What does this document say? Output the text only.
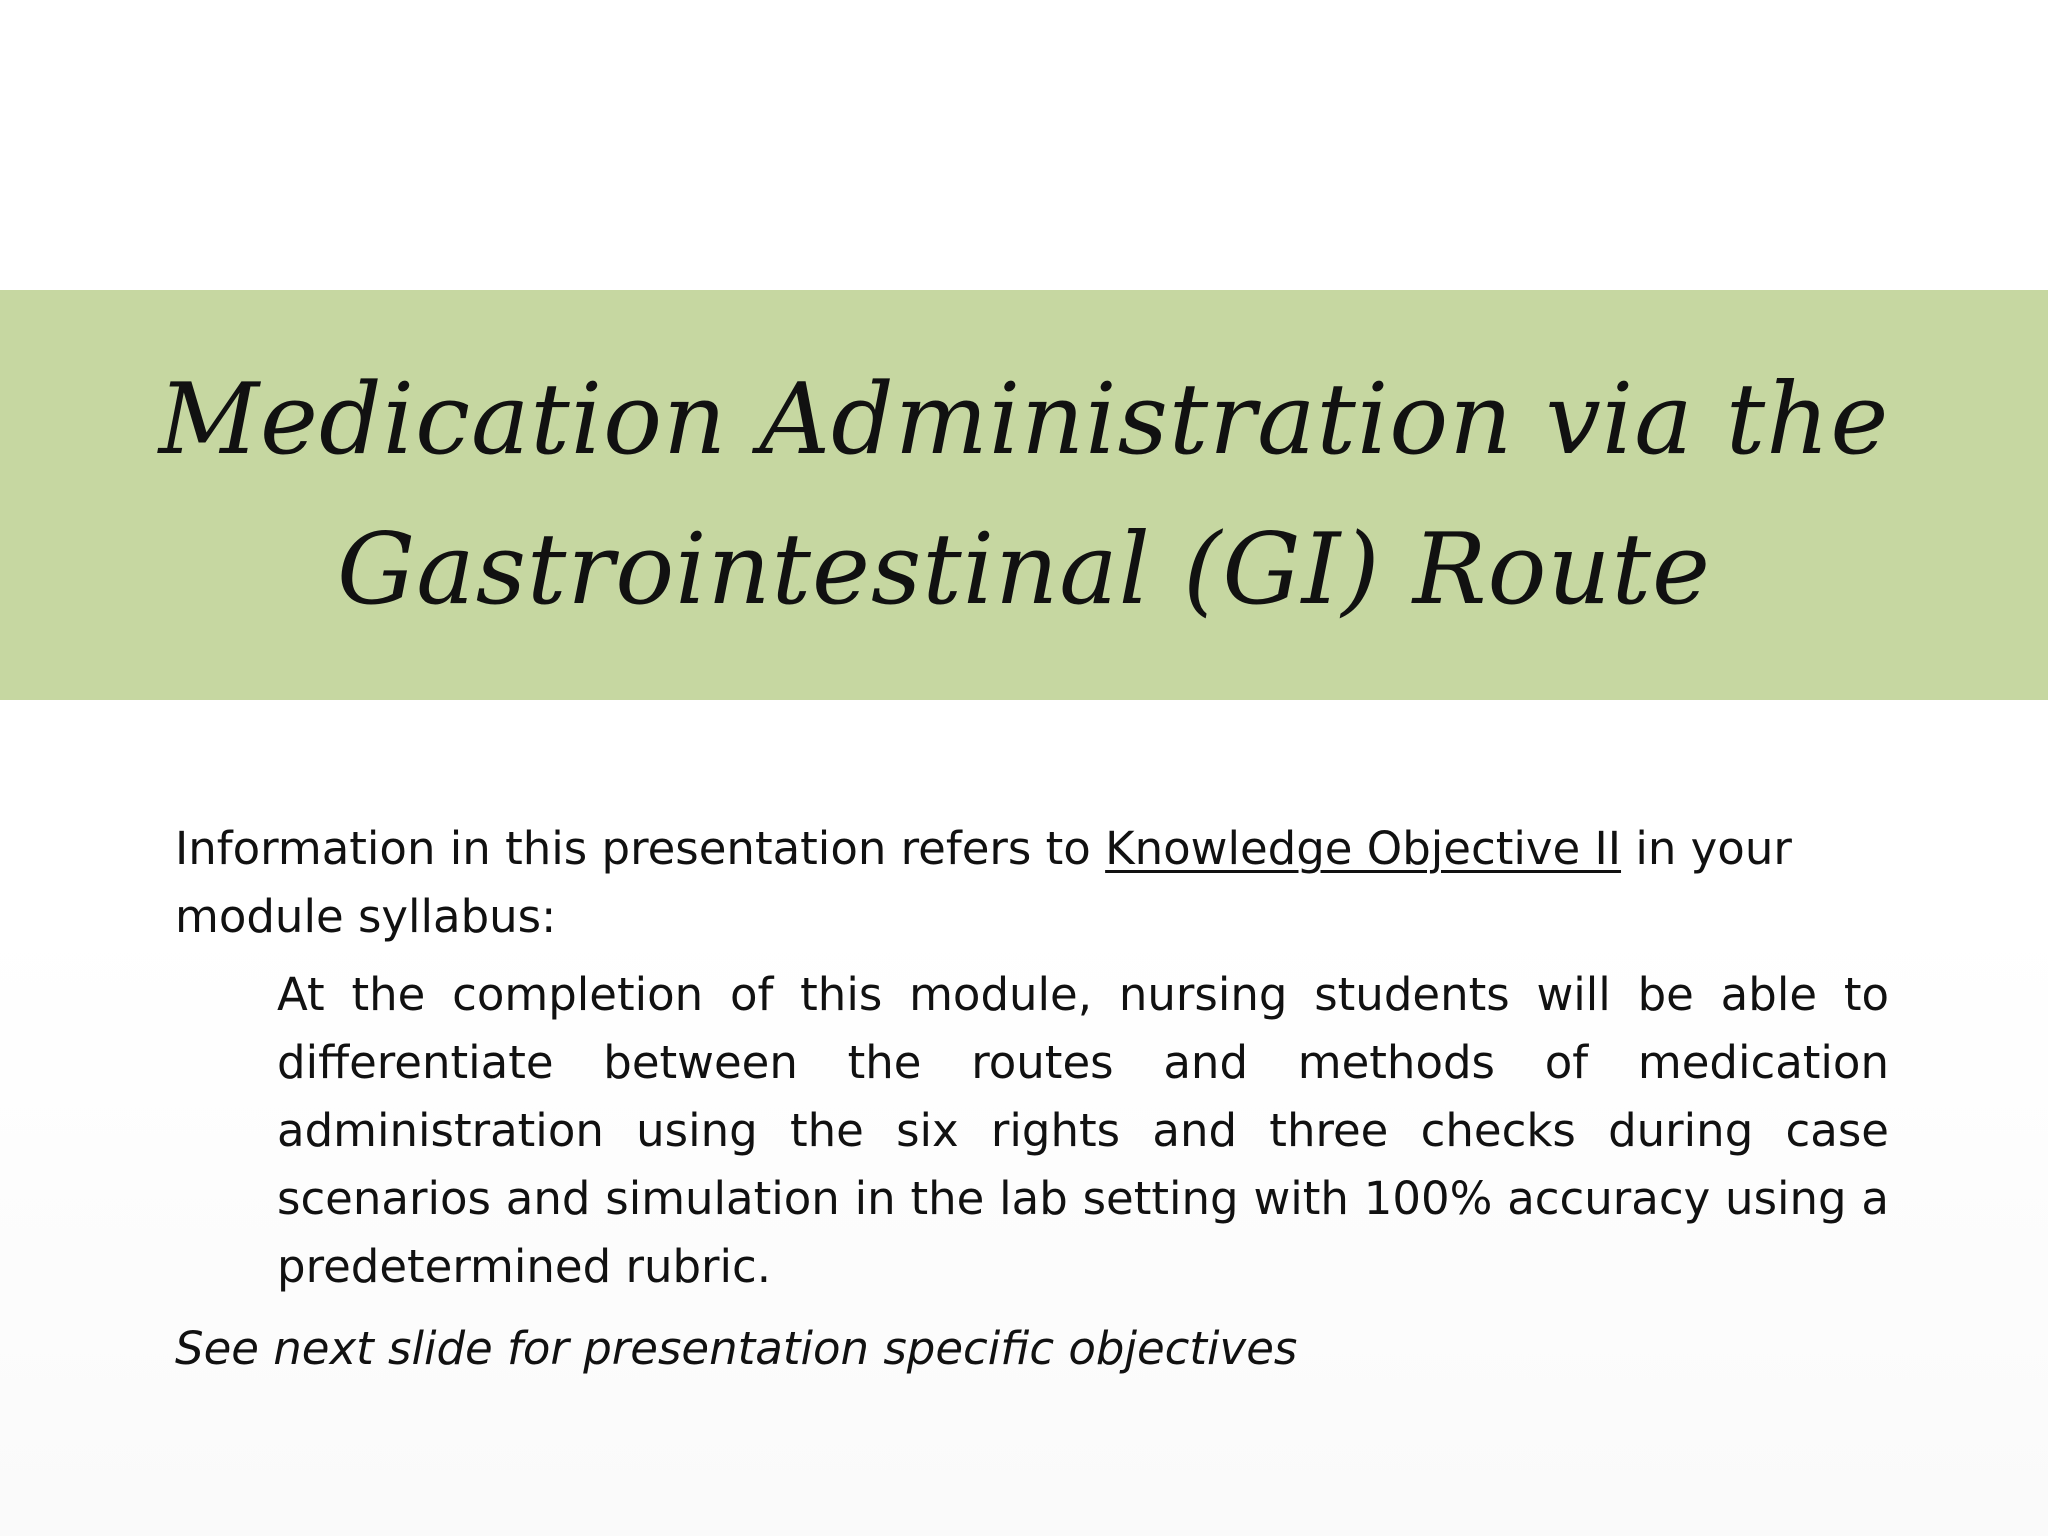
Medication Administration via the
Gastrointestinal (GI) Route

Information in this presentation refers to Knowledge Objective II in your module syllabus:

At the completion of this module, nursing students will be able to differentiate between the routes and methods of medication administration using the six rights and three checks during case scenarios and simulation in the lab setting with 100% accuracy using a predetermined rubric.

See next slide for presentation specific objectives
